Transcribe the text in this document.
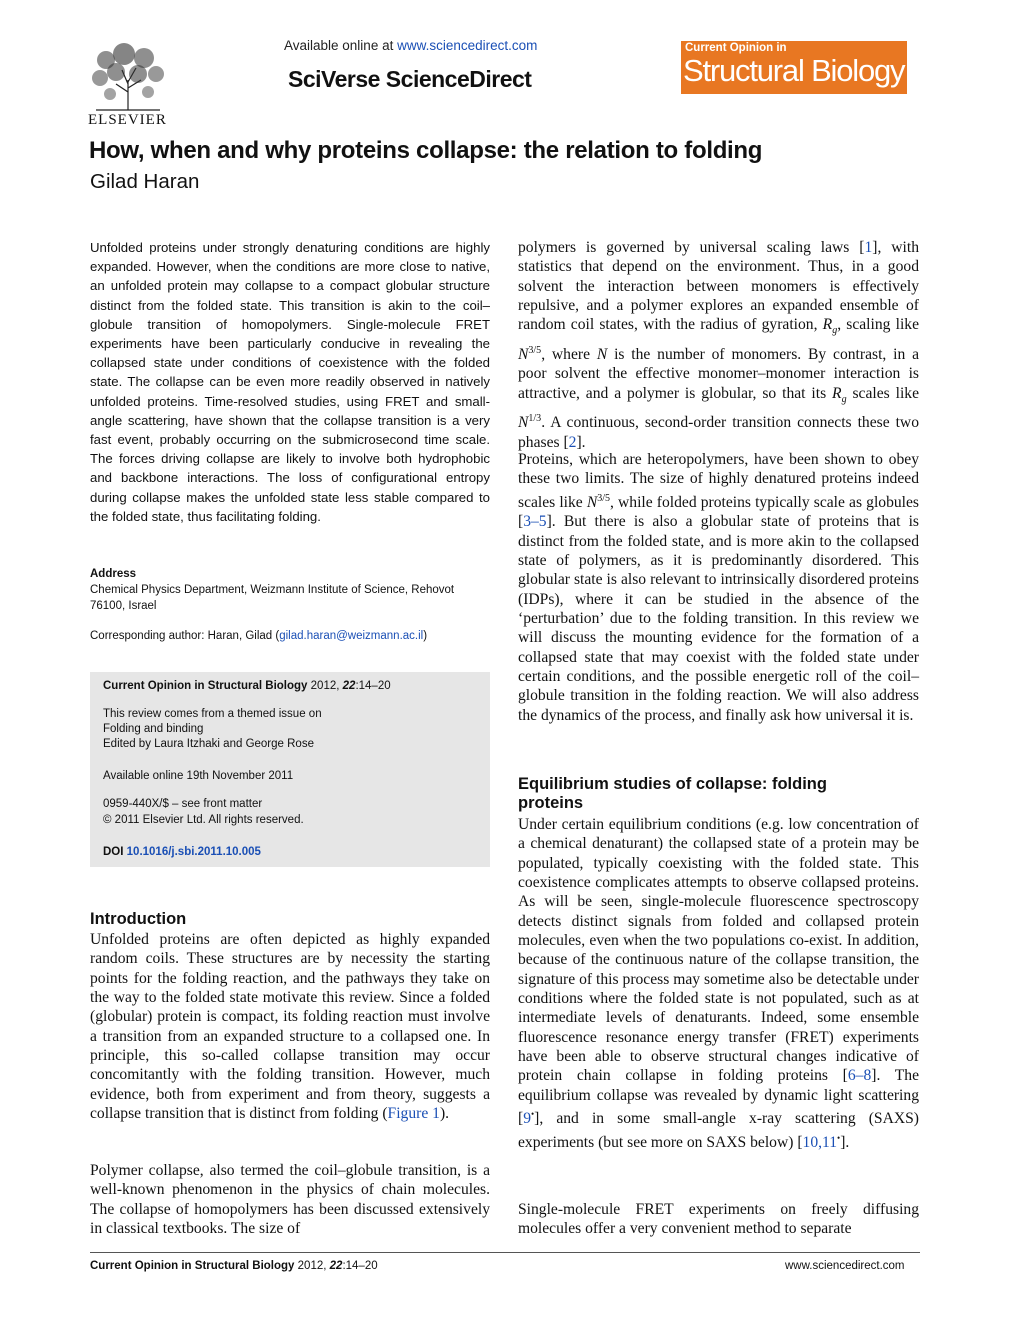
ELSEVIER
Available online at www.sciencedirect.com
SciVerse ScienceDirect
Current Opinion in
Structural Biology
How, when and why proteins collapse: the relation to folding
Gilad Haran
Unfolded proteins under strongly denaturing conditions are highly expanded. However, when the conditions are more close to native, an unfolded protein may collapse to a compact globular structure distinct from the folded state. This transition is akin to the coil–globule transition of homopolymers. Single-molecule FRET experiments have been particularly conducive in revealing the collapsed state under conditions of coexistence with the folded state. The collapse can be even more readily observed in natively unfolded proteins. Time-resolved studies, using FRET and small-angle scattering, have shown that the collapse transition is a very fast event, probably occurring on the submicrosecond time scale. The forces driving collapse are likely to involve both hydrophobic and backbone interactions. The loss of configurational entropy during collapse makes the unfolded state less stable compared to the folded state, thus facilitating folding.
Address
Chemical Physics Department, Weizmann Institute of Science, Rehovot 76100, Israel
Corresponding author: Haran, Gilad (gilad.haran@weizmann.ac.il)
Current Opinion in Structural Biology 2012, 22:14–20
This review comes from a themed issue on
Folding and binding
Edited by Laura Itzhaki and George Rose
Available online 19th November 2011
0959-440X/$ – see front matter
© 2011 Elsevier Ltd. All rights reserved.
DOI 10.1016/j.sbi.2011.10.005
Introduction
Unfolded proteins are often depicted as highly expanded random coils. These structures are by necessity the starting points for the folding reaction, and the pathways they take on the way to the folded state motivate this review. Since a folded (globular) protein is compact, its folding reaction must involve a transition from an expanded structure to a collapsed one. In principle, this so-called collapse transition may occur concomitantly with the folding transition. However, much evidence, both from experiment and from theory, suggests a collapse transition that is distinct from folding (Figure 1).
Polymer collapse, also termed the coil–globule transition, is a well-known phenomenon in the physics of chain molecules. The collapse of homopolymers has been discussed extensively in classical textbooks. The size of
polymers is governed by universal scaling laws [1], with statistics that depend on the environment. Thus, in a good solvent the interaction between monomers is effectively repulsive, and a polymer explores an expanded ensemble of random coil states, with the radius of gyration, $R_g$, scaling like $N^{3/5}$, where N is the number of monomers. By contrast, in a poor solvent the effective monomer–monomer interaction is attractive, and a polymer is globular, so that its $R_g$ scales like $N^{1/3}$. A continuous, second-order transition connects these two phases [2].
Proteins, which are heteropolymers, have been shown to obey these two limits. The size of highly denatured proteins indeed scales like $N^{3/5}$, while folded proteins typically scale as globules [3–5]. But there is also a globular state of proteins that is distinct from the folded state, and is more akin to the collapsed state of polymers, as it is predominantly disordered. This globular state is also relevant to intrinsically disordered proteins (IDPs), where it can be studied in the absence of the ‘perturbation’ due to the folding transition. In this review we will discuss the mounting evidence for the formation of a collapsed state that may coexist with the folded state under certain conditions, and the possible energetic roll of the coil–globule transition in the folding reaction. We will also address the dynamics of the process, and finally ask how universal it is.
Equilibrium studies of collapse: folding
proteins
Under certain equilibrium conditions (e.g. low concentration of a chemical denaturant) the collapsed state of a protein may be populated, typically coexisting with the folded state. This coexistence complicates attempts to observe collapsed proteins. As will be seen, single-molecule fluorescence spectroscopy detects distinct signals from folded and collapsed protein molecules, even when the two populations co-exist. In addition, because of the continuous nature of the collapse transition, the signature of this process may sometime also be detectable under conditions where the folded state is not populated, such as at intermediate levels of denaturants. Indeed, some ensemble fluorescence resonance energy transfer (FRET) experiments have been able to observe structural changes indicative of protein chain collapse in folding proteins [6–8]. The equilibrium collapse was revealed by dynamic light scattering [9•], and in some small-angle x-ray scattering (SAXS) experiments (but see more on SAXS below) [10,11•].
Single-molecule FRET experiments on freely diffusing molecules offer a very convenient method to separate
Current Opinion in Structural Biology 2012, 22:14–20	www.sciencedirect.com
